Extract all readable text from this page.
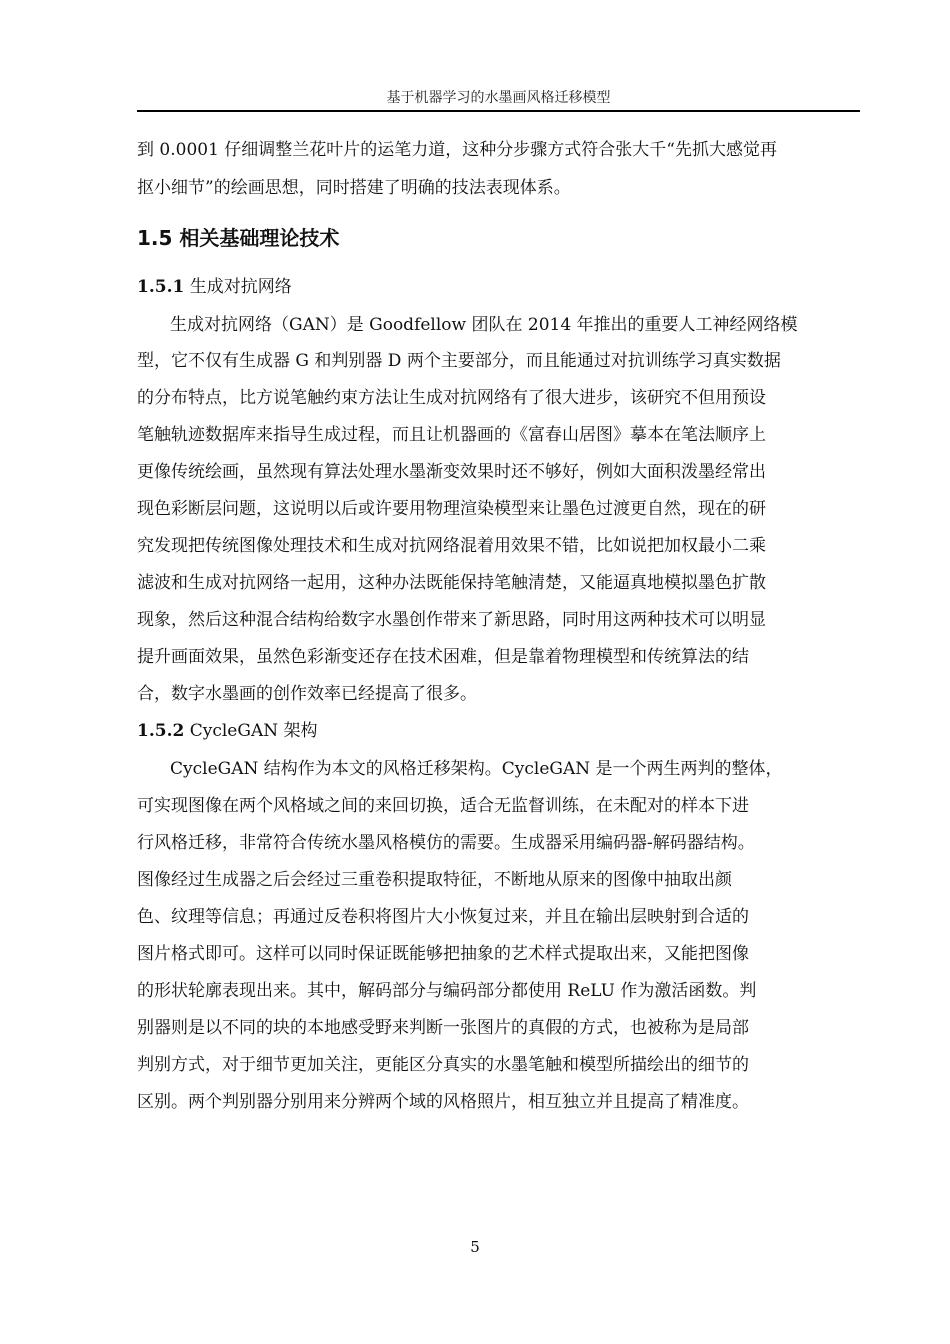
基于机器学习的水墨画风格迁移模型
到 0.0001 仔细调整兰花叶片的运笔力道，这种分步骤方式符合张大千“先抓大感觉再
抠小细节”的绘画思想，同时搭建了明确的技法表现体系。
1.5 相关基础理论技术
1.5.1 生成对抗网络
生成对抗网络（GAN）是 Goodfellow 团队在 2014 年推出的重要人工神经网络模
型，它不仅有生成器 G 和判别器 D 两个主要部分，而且能通过对抗训练学习真实数据
的分布特点，比方说笔触约束方法让生成对抗网络有了很大进步，该研究不但用预设
笔触轨迹数据库来指导生成过程，而且让机器画的《富春山居图》摹本在笔法顺序上
更像传统绘画，虽然现有算法处理水墨渐变效果时还不够好，例如大面积泼墨经常出
现色彩断层问题，这说明以后或许要用物理渲染模型来让墨色过渡更自然，现在的研
究发现把传统图像处理技术和生成对抗网络混着用效果不错，比如说把加权最小二乘
滤波和生成对抗网络一起用，这种办法既能保持笔触清楚，又能逼真地模拟墨色扩散
现象，然后这种混合结构给数字水墨创作带来了新思路，同时用这两种技术可以明显
提升画面效果，虽然色彩渐变还存在技术困难，但是靠着物理模型和传统算法的结
合，数字水墨画的创作效率已经提高了很多。
1.5.2 CycleGAN 架构
CycleGAN 结构作为本文的风格迁移架构。CycleGAN 是一个两生两判的整体，
可实现图像在两个风格域之间的来回切换，适合无监督训练，在未配对的样本下进
行风格迁移，非常符合传统水墨风格模仿的需要。生成器采用编码器-解码器结构。
图像经过生成器之后会经过三重卷积提取特征，不断地从原来的图像中抽取出颜
色、纹理等信息；再通过反卷积将图片大小恢复过来，并且在输出层映射到合适的
图片格式即可。这样可以同时保证既能够把抽象的艺术样式提取出来，又能把图像
的形状轮廓表现出来。其中，解码部分与编码部分都使用 ReLU 作为激活函数。判
别器则是以不同的块的本地感受野来判断一张图片的真假的方式，也被称为是局部
判别方式，对于细节更加关注，更能区分真实的水墨笔触和模型所描绘出的细节的
区别。两个判别器分别用来分辨两个域的风格照片，相互独立并且提高了精准度。
5
